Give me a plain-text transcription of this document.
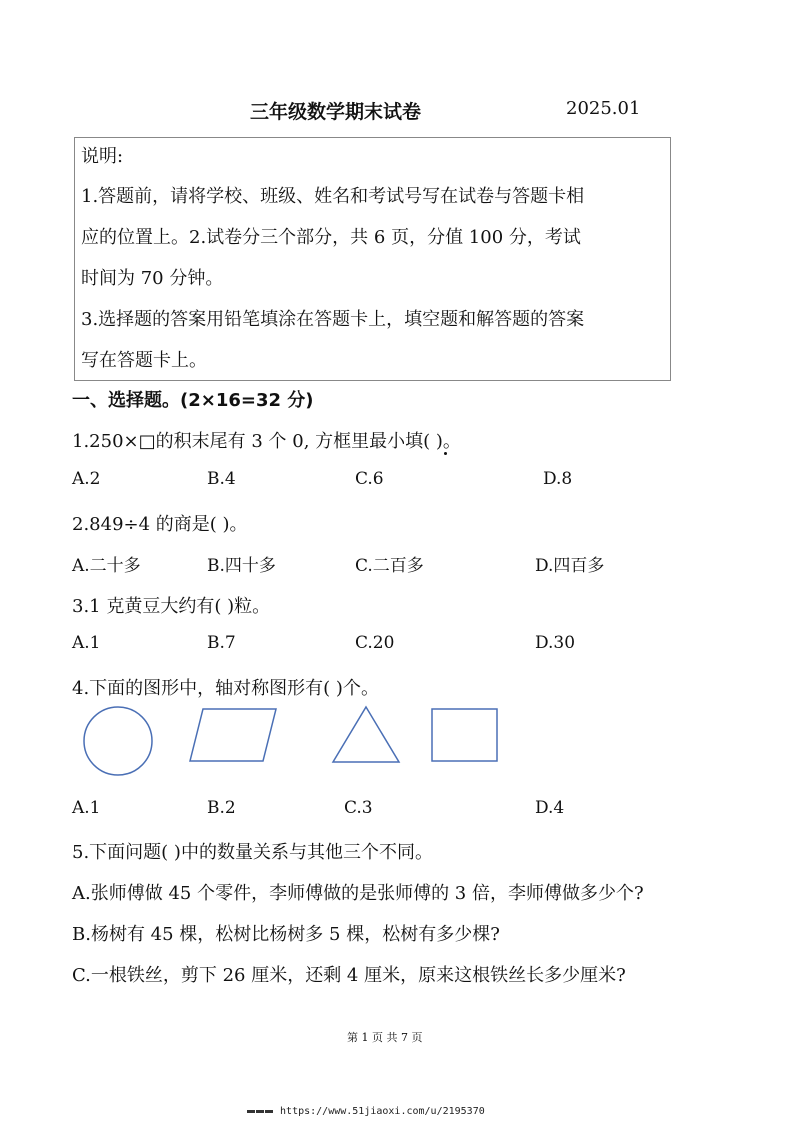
三年级数学期末试卷	2025.01
说明:
1.答题前，请将学校、班级、姓名和考试号写在试卷与答题卡相
应的位置上。2.试卷分三个部分，共 6 页，分值 100 分，考试
时间为 70 分钟。
3.选择题的答案用铅笔填涂在答题卡上，填空题和解答题的答案
写在答题卡上。
一、选择题。(2×16=32 分)
1.250×□的积末尾有 3 个 0, 方框里最小填( )。
A.2	B.4	C.6	D.8
2.849÷4 的商是( )。
A.二十多	B.四十多	C.二百多	D.四百多
3.1 克黄豆大约有( )粒。
A.1	B.7	C.20	D.30
4.下面的图形中，轴对称图形有( )个。
A.1	B.2	C.3	D.4
5.下面问题( )中的数量关系与其他三个不同。
A.张师傅做 45 个零件，李师傅做的是张师傅的 3 倍，李师傅做多少个?
B.杨树有 45 棵，松树比杨树多 5 棵，松树有多少棵?
C.一根铁丝，剪下 26 厘米，还剩 4 厘米，原来这根铁丝长多少厘米?
第 1 页 共 7 页
https://www.51jiaoxi.com/u/2195370
